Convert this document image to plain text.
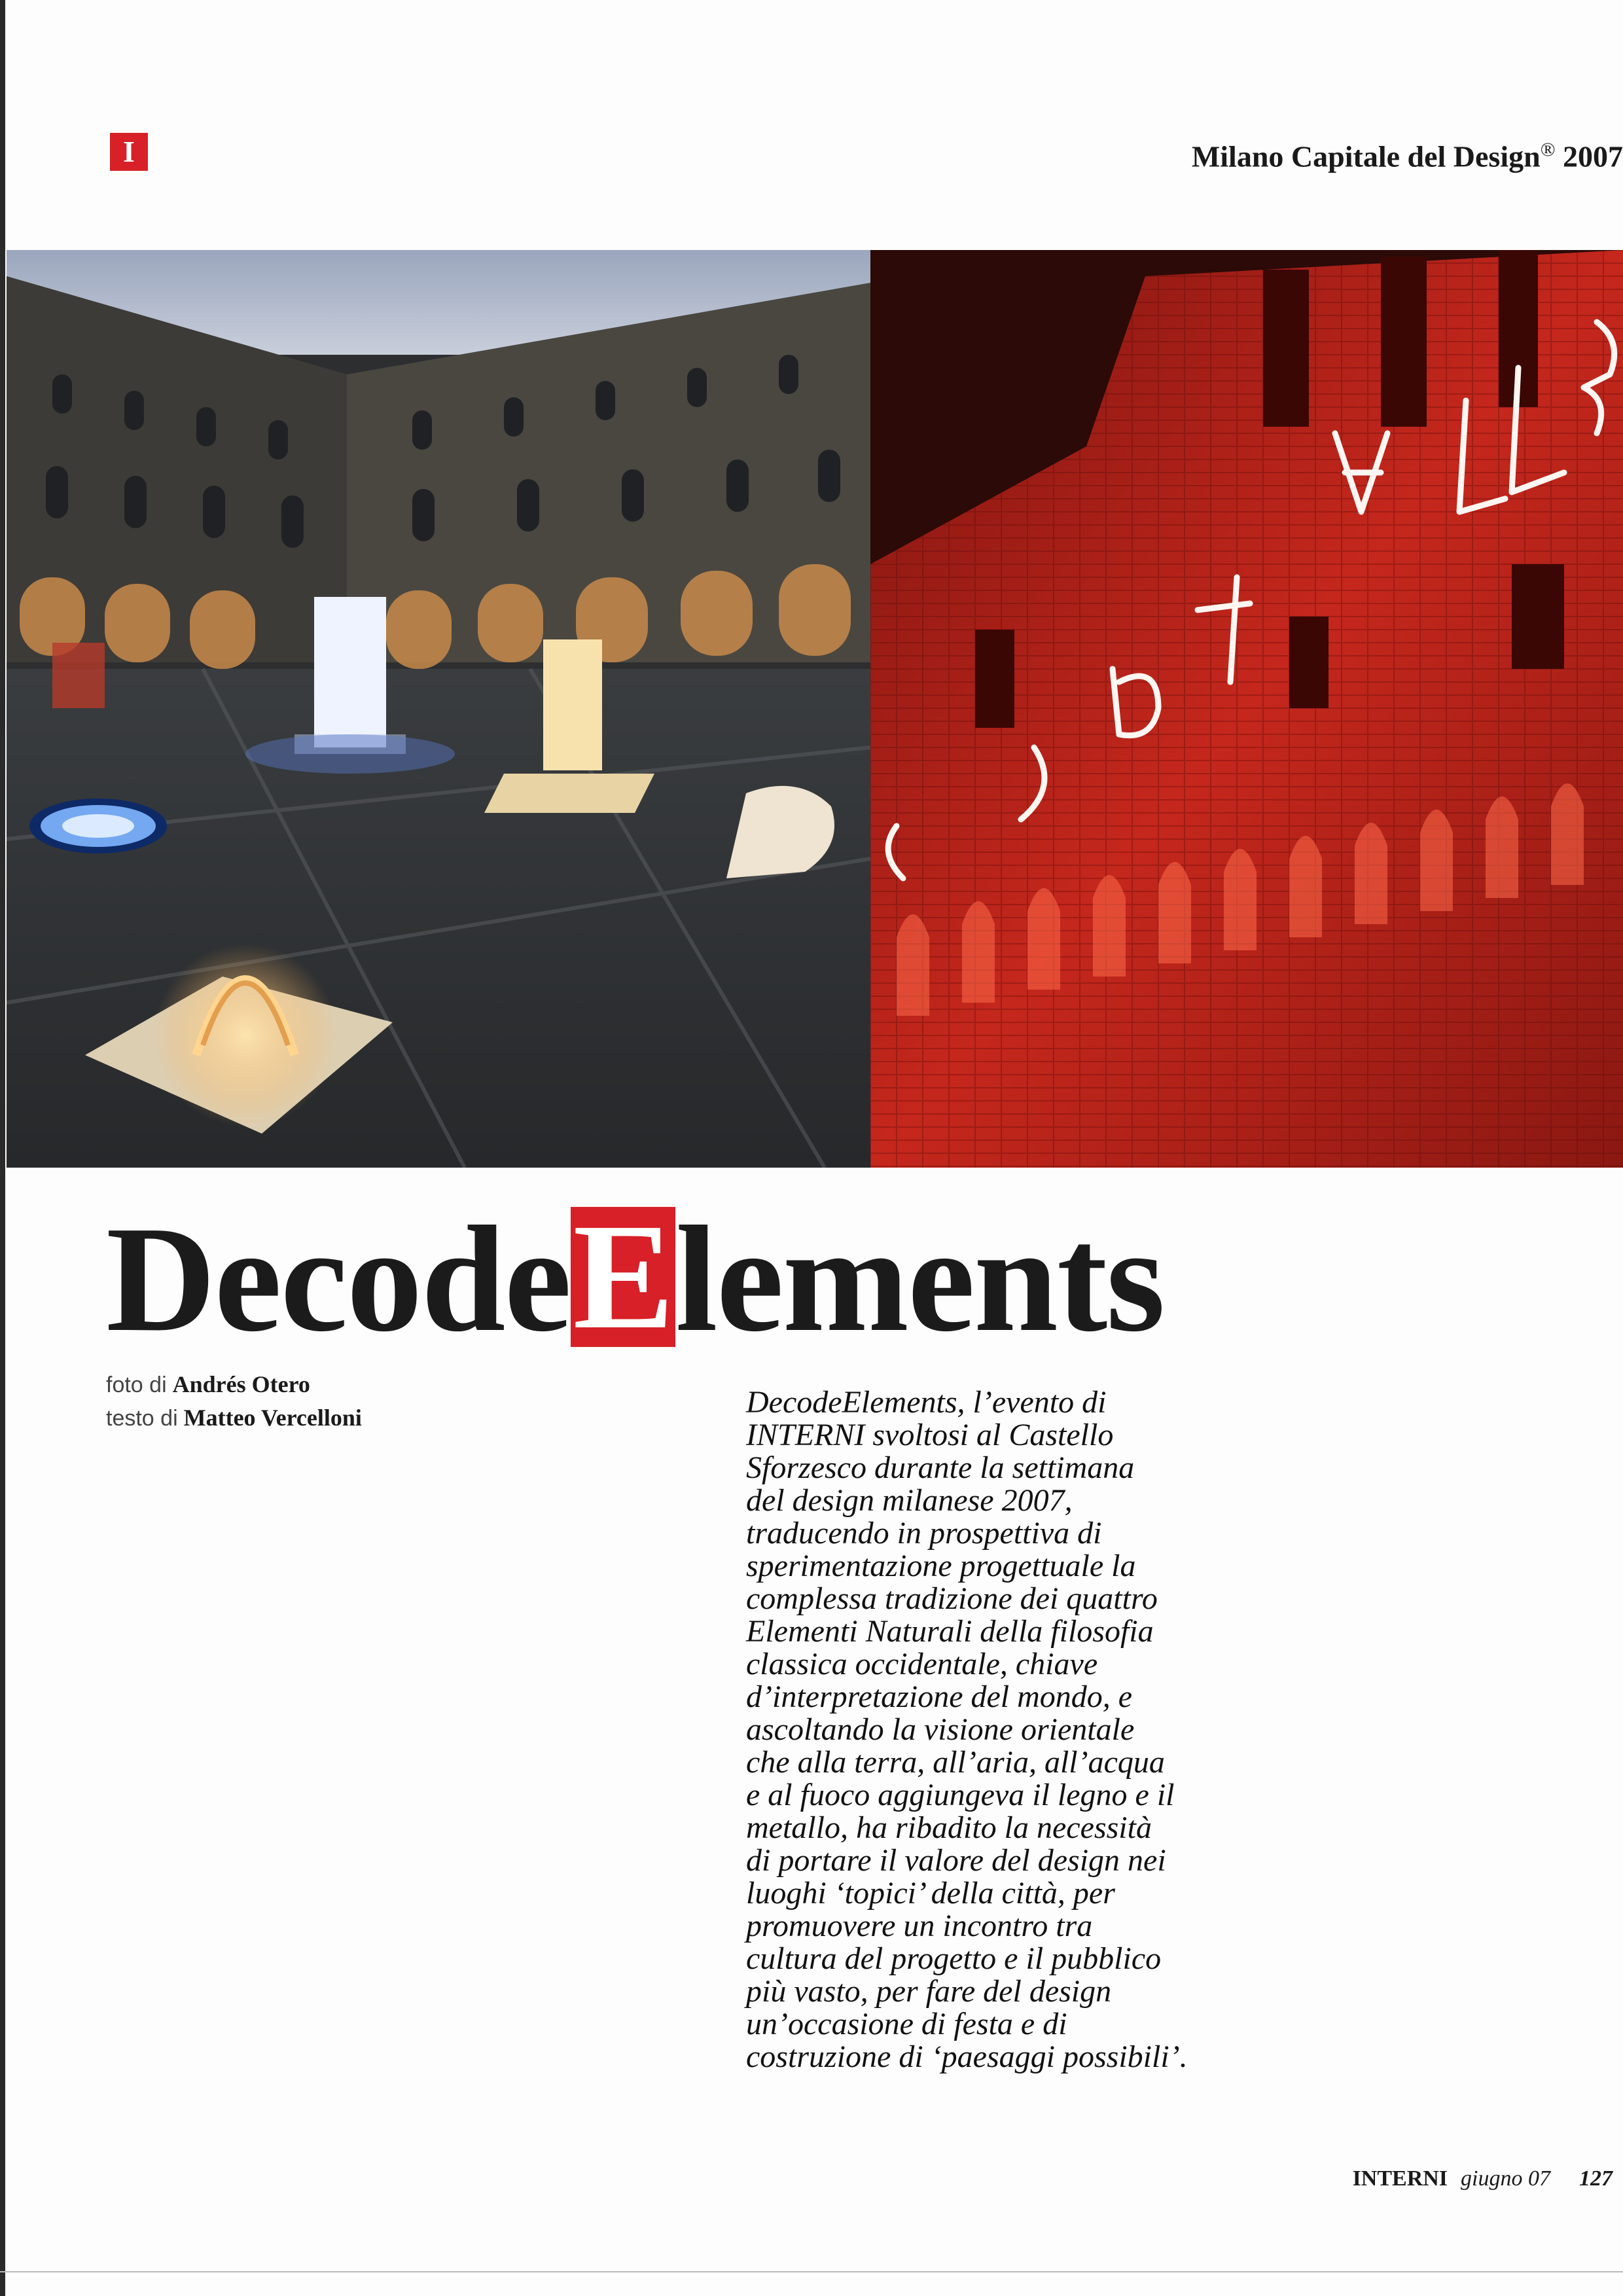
I	Milano Capitale del Design® 2007
DecodeElements
foto di Andrés Otero
testo di Matteo Vercelloni	DecodeElements, l’evento di
INTERNI svoltosi al Castello
Sforzesco durante la settimana
del design milanese 2007,
traducendo in prospettiva di
sperimentazione progettuale la
complessa tradizione dei quattro
Elementi Naturali della filosofia
classica occidentale, chiave
d’interpretazione del mondo, e
ascoltando la visione orientale
che alla terra, all’aria, all’acqua
e al fuoco aggiungeva il legno e il
metallo, ha ribadito la necessità
di portare il valore del design nei
luoghi ‘topici’ della città, per
promuovere un incontro tra
cultura del progetto e il pubblico
più vasto, per fare del design
un’occasione di festa e di
costruzione di ‘paesaggi possibili’.
INTERNI giugno 07 127
